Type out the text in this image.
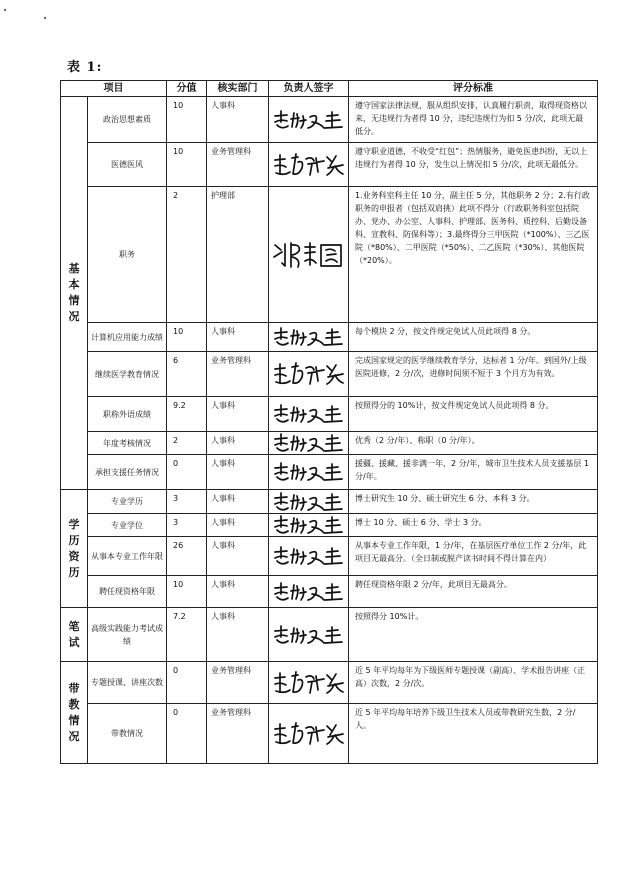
表 1:
项目		分值	核实部门	负责人签字	评分标准

基
本
情
况	政治思想素质	10	人事科		遵守国家法律法规，服从组织安排，认真履行职责，取得现资格以来，无违规行为者得 10 分，违纪违规行为扣 5 分/次，此项无最低分。
	医德医风	10	业务管理科		遵守职业道德，不收受“红包”；热情服务，避免医患纠纷，无以上违规行为者得 10 分，发生以上情况扣 5 分/次，此项无最低分。
	职务	2	护理部		1.业务科室科主任 10 分，副主任 5 分，其他职务 2 分；2.有行政职务的申报者（包括双肩挑）此项不得分（行政职务科室包括院办、党办、办公室、人事科、护理部、医务科、质控科、后勤设备科、宣教科、防保科等）；3.最终得分三甲医院（*100%）、三乙医院（*80%）、二甲医院（*50%）、二乙医院（*30%）、其他医院（*20%）。
	计算机应用能力成绩	10	人事科		每个模块 2 分，按文件规定免试人员此项得 8 分。
	继续医学教育情况	6	业务管理科		完成国家规定的医学继续教育学分，达标者 1 分/年。到国外/上级医院进修，2 分/次，进修时间须不短于 3 个月方为有效。
	职称外语成绩	9.2	人事科		按照得分的 10%计，按文件规定免试人员此项得 8 分。
	年度考核情况	2	人事科		优秀（2 分/年）、称职（0 分/年）。
	承担支援任务情况	0	人事科		援疆、援藏、援非满一年，2 分/年，城市卫生技术人员支援基层 1 分/年。

学
历
资
历	专业学历	3	人事科		博士研究生 10 分、硕士研究生 6 分、本科 3 分。
	专业学位	3	人事科		博士 10 分、硕士 6 分、学士 3 分。
	从事本专业工作年限	26	人事科		从事本专业工作年限，1 分/年，在基层医疗单位工作 2 分/年，此项目无最高分。（全日制或脱产读书时间不得计算在内）
	聘任现资格年限	10	人事科		聘任现资格年限 2 分/年，此项目无最高分。

笔
试	高级实践能力考试成绩	7.2	人事科		按照得分 10%计。

带
教
情
况	专题授课、讲座次数	0	业务管理科		近 5 年平均每年为下级医师专题授课（副高）、学术报告讲座（正高）次数，2 分/次。
	带教情况	0	业务管理科		近 5 年平均每年培养下级卫生技术人员或带教研究生数，2 分/人。
